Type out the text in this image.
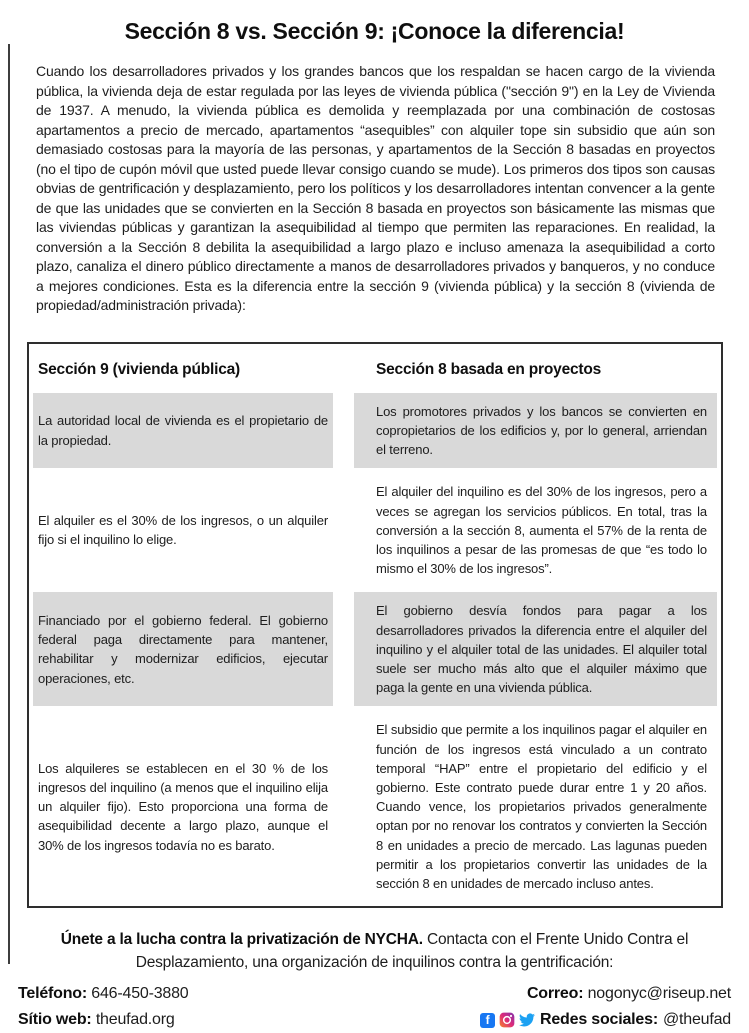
Sección 8 vs. Sección 9: ¡Conoce la diferencia!

Cuando los desarrolladores privados y los grandes bancos que los respaldan se hacen cargo de la vivienda pública, la vivienda deja de estar regulada por las leyes de vivienda pública ("sección 9") en la Ley de Vivienda de 1937. A menudo, la vivienda pública es demolida y reemplazada por una combinación de costosas apartamentos a precio de mercado, apartamentos “asequibles” con alquiler tope sin subsidio que aún son demasiado costosas para la mayoría de las personas, y apartamentos de la Sección 8 basadas en proyectos (no el tipo de cupón móvil que usted puede llevar consigo cuando se mude). Los primeros dos tipos son causas obvias de gentrificación y desplazamiento, pero los políticos y los desarrolladores intentan convencer a la gente de que las unidades que se convierten en la Sección 8 basada en proyectos son básicamente las mismas que las viviendas públicas y garantizan la asequibilidad al tiempo que permiten las reparaciones. En realidad, la conversión a la Sección 8 debilita la asequibilidad a largo plazo e incluso amenaza la asequibilidad a corto plazo, canaliza el dinero público directamente a manos de desarrolladores privados y banqueros, y no conduce a mejores condiciones. Esta es la diferencia entre la sección 9 (vivienda pública) y la sección 8 (vivienda de propiedad/administración privada):

Sección 9 (vivienda pública)	Sección 8 basada en proyectos
La autoridad local de vivienda es el propietario de la propiedad.
Los promotores privados y los bancos se convierten en copropietarios de los edificios y, por lo general, arriendan el terreno.
El alquiler es el 30% de los ingresos, o un alquiler fijo si el inquilino lo elige.
El alquiler del inquilino es del 30% de los ingresos, pero a veces se agregan los servicios públicos. En total, tras la conversión a la sección 8, aumenta el 57% de la renta de los inquilinos a pesar de las promesas de que “es todo lo mismo el 30% de los ingresos”.
Financiado por el gobierno federal. El gobierno federal paga directamente para mantener, rehabilitar y modernizar edificios, ejecutar operaciones, etc.
El gobierno desvía fondos para pagar a los desarrolladores privados la diferencia entre el alquiler del inquilino y el alquiler total de las unidades. El alquiler total suele ser mucho más alto que el alquiler máximo que paga la gente en una vivienda pública.
Los alquileres se establecen en el 30 % de los ingresos del inquilino (a menos que el inquilino elija un alquiler fijo). Esto proporciona una forma de asequibilidad decente a largo plazo, aunque el 30% de los ingresos todavía no es barato.
El subsidio que permite a los inquilinos pagar el alquiler en función de los ingresos está vinculado a un contrato temporal “HAP” entre el propietario del edificio y el gobierno. Este contrato puede durar entre 1 y 20 años. Cuando vence, los propietarios privados generalmente optan por no renovar los contratos y convierten la Sección 8 en unidades a precio de mercado. Las lagunas pueden permitir a los propietarios convertir las unidades de la sección 8 en unidades de mercado incluso antes.

Únete a la lucha contra la privatización de NYCHA. Contacta con el Frente Unido Contra el Desplazamiento, una organización de inquilinos contra la gentrificación:

Teléfono: 646-450-3880
Sítio web: theufad.org
Correo: nogonyc@riseup.net
f	Redes sociales: @theufad
